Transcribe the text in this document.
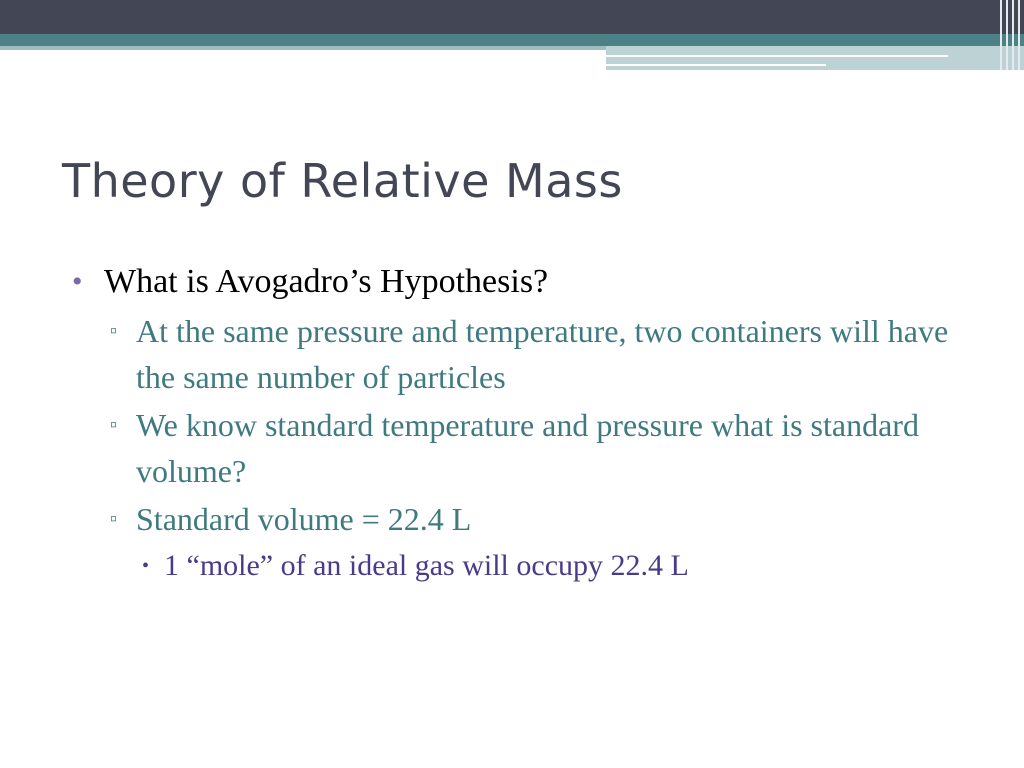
Theory of Relative Mass
• What is Avogadro’s Hypothesis?
▫ At the same pressure and temperature, two containers will have the same number of particles
▫ We know standard temperature and pressure what is standard volume?
▫ Standard volume = 22.4 L
• 1 “mole” of an ideal gas will occupy 22.4 L
